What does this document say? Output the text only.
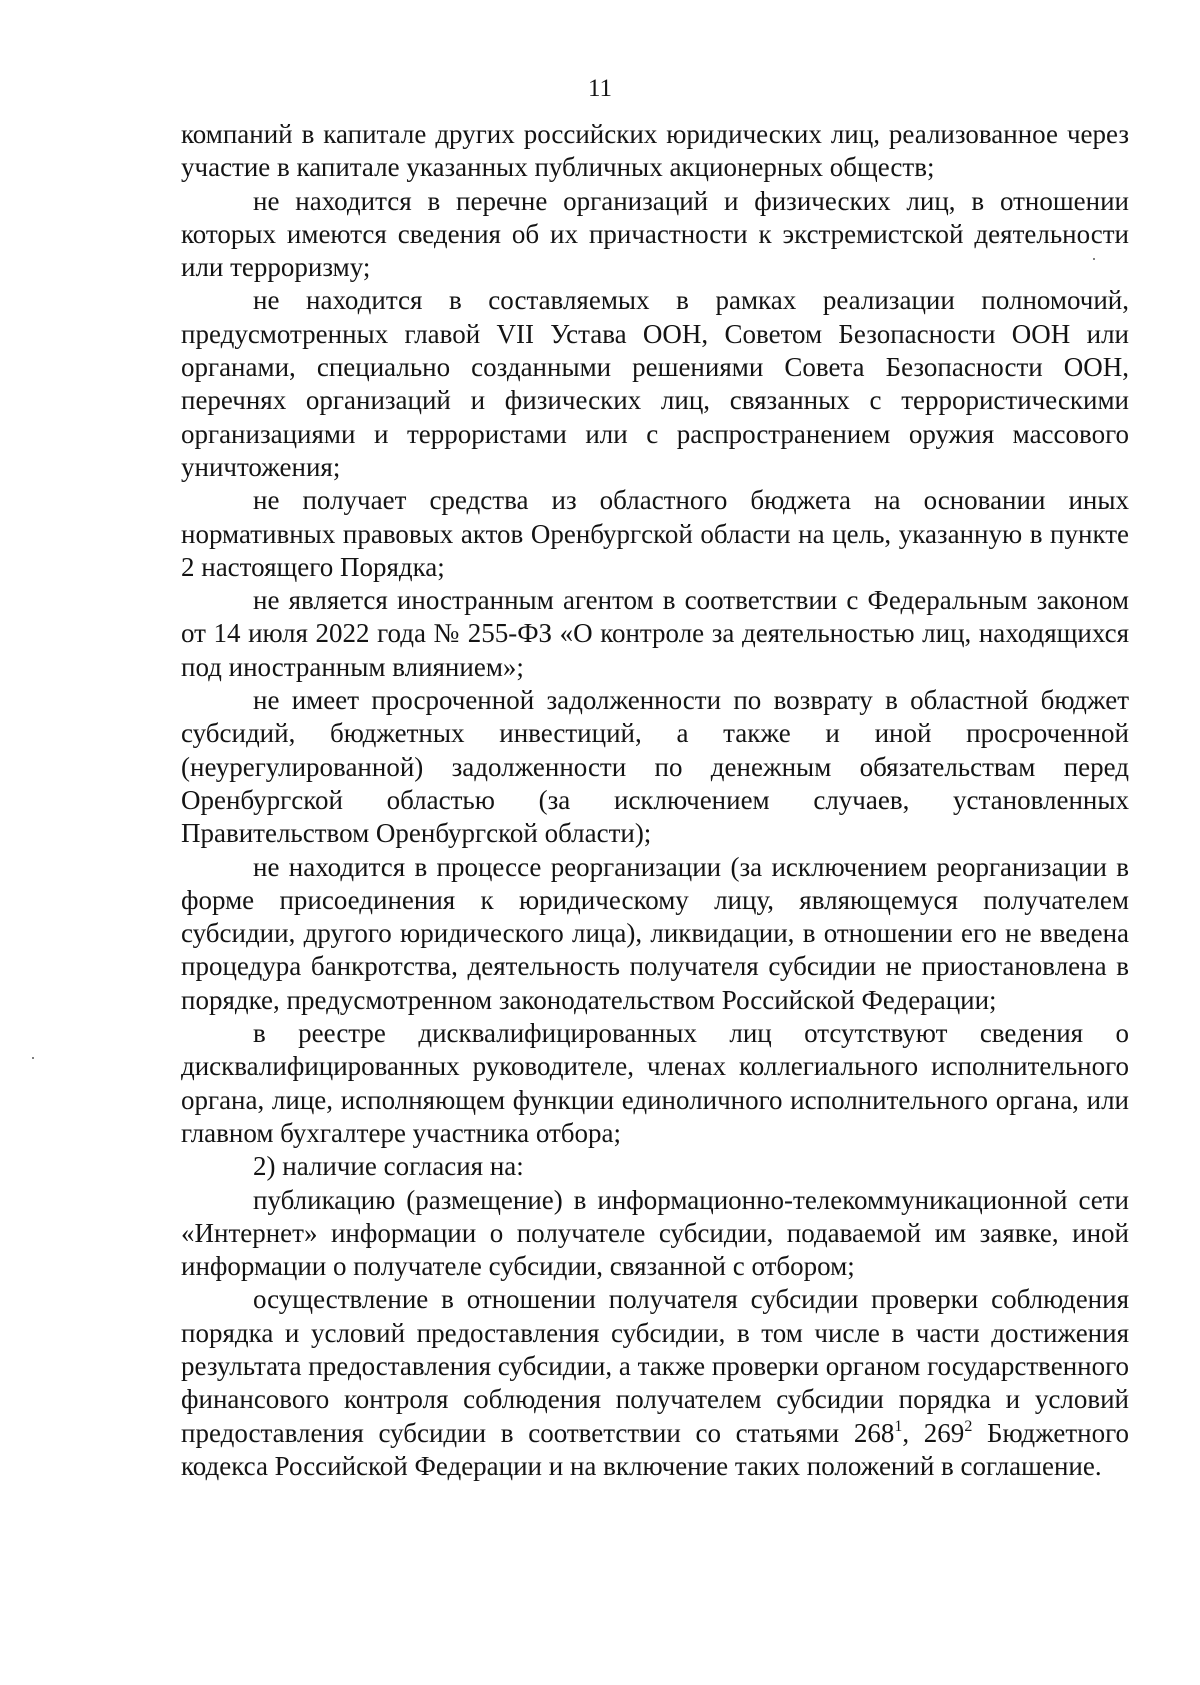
11

компаний в капитале других российских юридических лиц, реализованное через участие в капитале указанных публичных акционерных обществ;

не находится в перечне организаций и физических лиц, в отношении которых имеются сведения об их причастности к экстремистской деятельности или терроризму;

не находится в составляемых в рамках реализации полномочий, предусмотренных главой VII Устава ООН, Советом Безопасности ООН или органами, специально созданными решениями Совета Безопасности ООН, перечнях организаций и физических лиц, связанных с террористическими организациями и террористами или с распространением оружия массового уничтожения;

не получает средства из областного бюджета на основании иных нормативных правовых актов Оренбургской области на цель, указанную в пункте 2 настоящего Порядка;

не является иностранным агентом в соответствии с Федеральным законом от 14 июля 2022 года № 255-ФЗ «О контроле за деятельностью лиц, находящихся под иностранным влиянием»;

не имеет просроченной задолженности по возврату в областной бюджет субсидий, бюджетных инвестиций, а также и иной просроченной (неурегулированной) задолженности по денежным обязательствам перед Оренбургской областью (за исключением случаев, установленных Правительством Оренбургской области);

не находится в процессе реорганизации (за исключением реорганизации в форме присоединения к юридическому лицу, являющемуся получателем субсидии, другого юридического лица), ликвидации, в отношении его не введена процедура банкротства, деятельность получателя субсидии не приостановлена в порядке, предусмотренном законодательством Российской Федерации;

в реестре дисквалифицированных лиц отсутствуют сведения о дисквалифицированных руководителе, членах коллегиального исполнительного органа, лице, исполняющем функции единоличного исполнительного органа, или главном бухгалтере участника отбора;

2) наличие согласия на:

публикацию (размещение) в информационно-телекоммуникационной сети «Интернет» информации о получателе субсидии, подаваемой им заявке, иной информации о получателе субсидии, связанной с отбором;

осуществление в отношении получателя субсидии проверки соблюдения порядка и условий предоставления субсидии, в том числе в части достижения результата предоставления субсидии, а также проверки органом государственного финансового контроля соблюдения получателем субсидии порядка и условий предоставления субсидии в соответствии со статьями $268^1$, $269^2$ Бюджетного кодекса Российской Федерации и на включение таких положений в соглашение.
